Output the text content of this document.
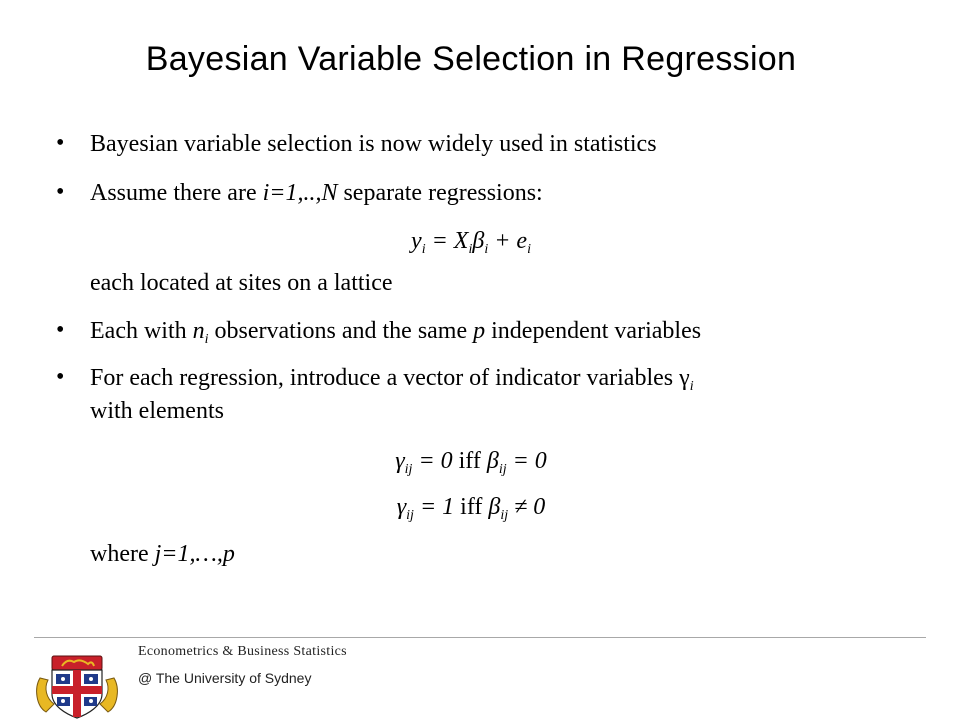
Bayesian Variable Selection in Regression
• Bayesian variable selection is now widely used in statistics
• Assume there are i=1,..,N separate regressions:
$y_i = X_i\beta_i + e_i$
each located at sites on a lattice
• Each with $n_i$ observations and the same p independent variables
• For each regression, introduce a vector of indicator variables $\gamma_i$
with elements
$\gamma_{ij} = 0$ iff $\beta_{ij} = 0$
$\gamma_{ij} = 1$ iff $\beta_{ij} \ne 0$
where j=1,…,p
Econometrics & Business Statistics
@ The University of Sydney
